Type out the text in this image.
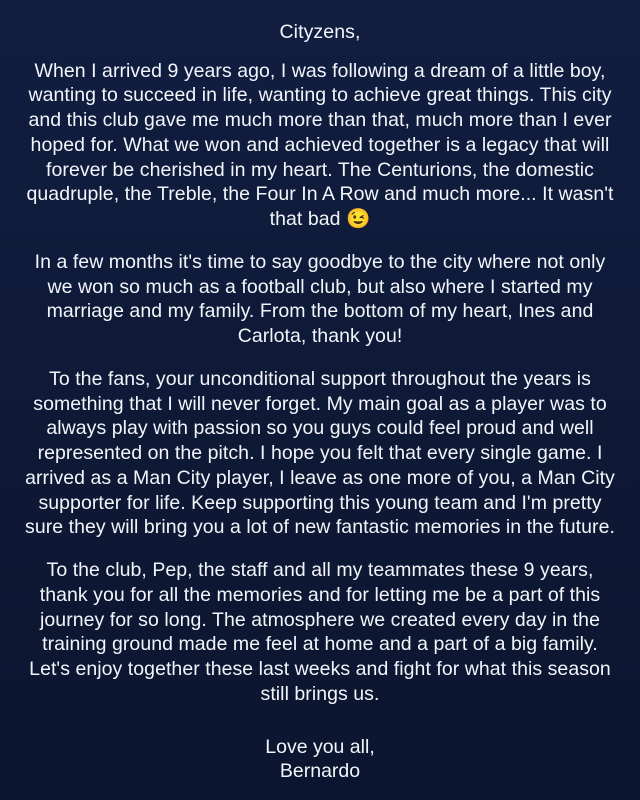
Cityzens,
When I arrived 9 years ago, I was following a dream of a little boy, wanting to succeed in life, wanting to achieve great things. This city and this club gave me much more than that, much more than I ever hoped for. What we won and achieved together is a legacy that will forever be cherished in my heart. The Centurions, the domestic quadruple, the Treble, the Four In A Row and much more... It wasn't that bad 😉
In a few months it's time to say goodbye to the city where not only we won so much as a football club, but also where I started my marriage and my family. From the bottom of my heart, Ines and Carlota, thank you!
To the fans, your unconditional support throughout the years is something that I will never forget. My main goal as a player was to always play with passion so you guys could feel proud and well represented on the pitch. I hope you felt that every single game. I arrived as a Man City player, I leave as one more of you, a Man City supporter for life. Keep supporting this young team and I'm pretty sure they will bring you a lot of new fantastic memories in the future.
To the club, Pep, the staff and all my teammates these 9 years, thank you for all the memories and for letting me be a part of this journey for so long. The atmosphere we created every day in the training ground made me feel at home and a part of a big family. Let's enjoy together these last weeks and fight for what this season still brings us.
Love you all,
Bernardo
